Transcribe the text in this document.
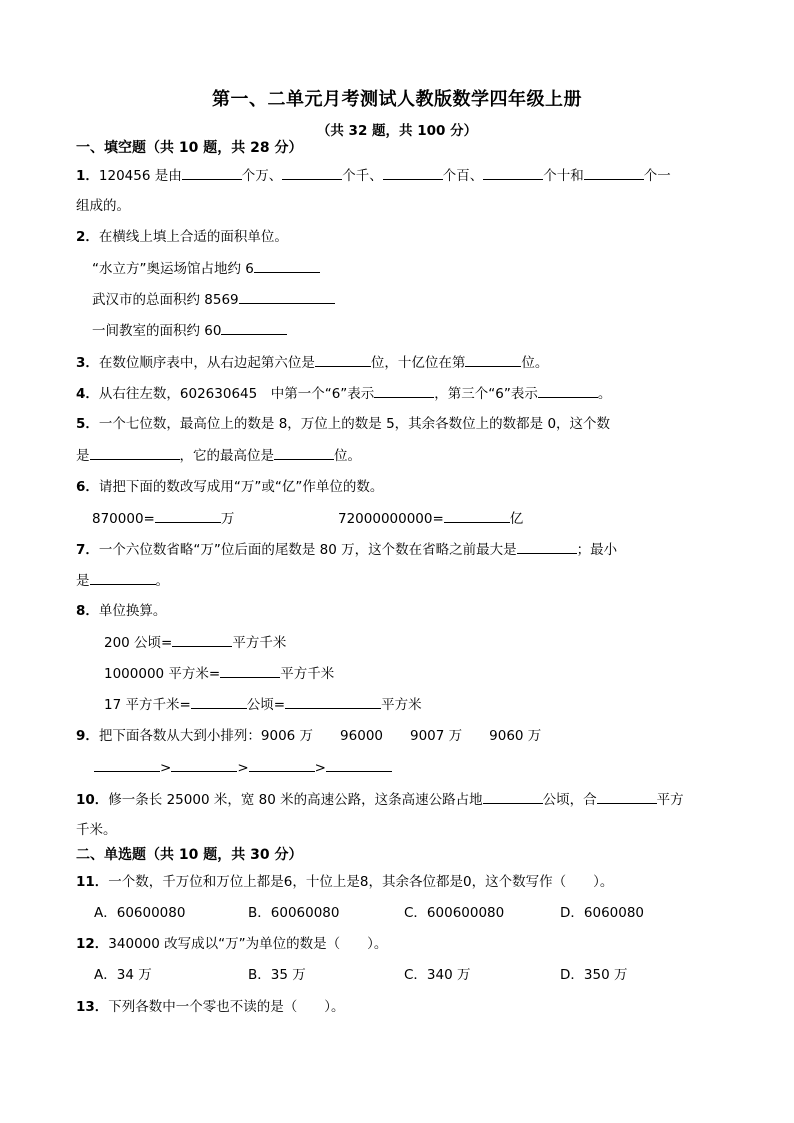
第一、二单元月考测试人教版数学四年级上册
（共 32 题，共 100 分）
一、填空题（共 10 题，共 28 分）
1．120456 是由	个万、	个千、	个百、	个十和	个一
组成的。
2．在横线上填上合适的面积单位。
“水立方”奥运场馆占地约 6
武汉市的总面积约 8569
一间教室的面积约 60
3．在数位顺序表中，从右边起第六位是	位，十亿位在第	位。
4．从右往左数，602630645　中第一个“6”表示	，第三个“6”表示	。
5．一个七位数，最高位上的数是 8，万位上的数是 5，其余各数位上的数都是 0，这个数
是	，它的最高位是	位。
6．请把下面的数改写成用“万”或“亿”作单位的数。
870000=	万	72000000000=	亿
7．一个六位数省略“万”位后面的尾数是 80 万，这个数在省略之前最大是	；最小
是	。
8．单位换算。
200 公顷=	平方千米
1000000 平方米=	平方千米
17 平方千米=	公顷=	平方米
9．把下面各数从大到小排列：9006 万　　96000　　9007 万　　9060 万
>	>	>
10．修一条长 25000 米，宽 80 米的高速公路，这条高速公路占地	公顷，合	平方
千米。
二、单选题（共 10 题，共 30 分）
11．一个数，千万位和万位上都是6，十位上是8，其余各位都是0，这个数写作（　　）。
A．60600080	B．60060080	C．600600080	D．6060080
12．340000 改写成以“万”为单位的数是（　　）。
A．34 万	B．35 万	C．340 万	D．350 万
13．下列各数中一个零也不读的是（　　）。
